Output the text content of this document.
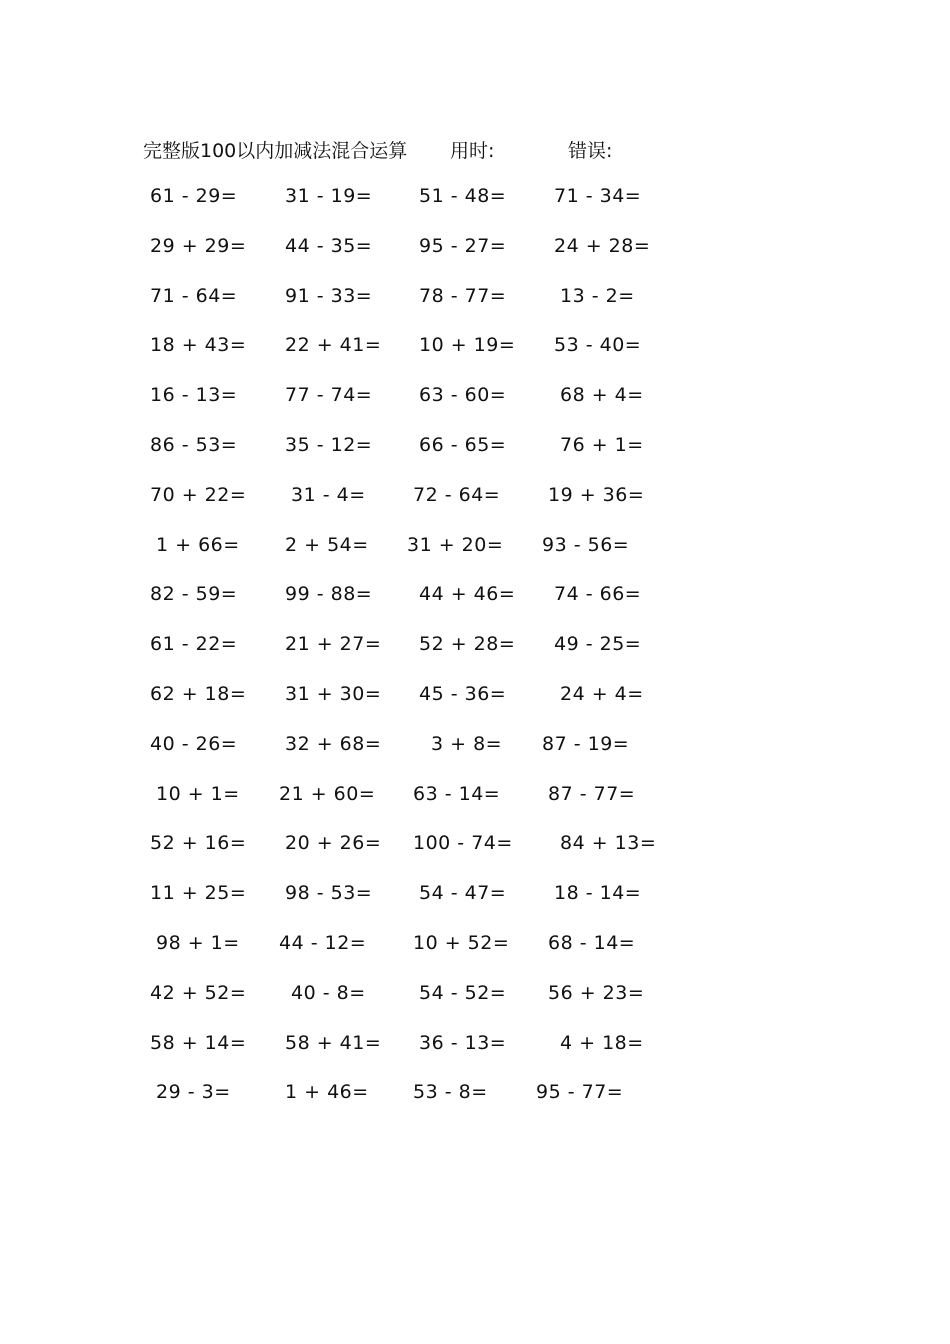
完整版100以内加减法混合运算 用时:	错误:
61 - 29=	31 - 19= 51 - 48=	71 - 34=
29 + 29= 44 - 35= 95 - 27=	24 + 28=
71 - 64=	91 - 33= 78 - 77=	13 - 2=
18 + 43= 22 + 41= 10 + 19= 53 - 40=
16 - 13=	77 - 74= 63 - 60=	68 + 4=
86 - 53=	35 - 12= 66 - 65=	76 + 1=
70 + 22= 31 - 4= 72 - 64=	19 + 36=
1 + 66= 2 + 54= 31 + 20= 93 - 56=
82 - 59=	99 - 88= 44 + 46= 74 - 66=
61 - 22=	21 + 27= 52 + 28= 49 - 25=
62 + 18= 31 + 30= 45 - 36=	24 + 4=
40 - 26=	32 + 68=	3 + 8= 87 - 19=
10 + 1= 21 + 60= 63 - 14=	87 - 77=
52 + 16= 20 + 26= 100 - 74= 84 + 13=
11 + 25= 98 - 53= 54 - 47=	18 - 14=
98 + 1= 44 - 12= 10 + 52= 68 - 14=
42 + 52= 40 - 8=	54 - 52= 56 + 23=
58 + 14= 58 + 41= 36 - 13=	4 + 18=
29 - 3=	1 + 46= 53 - 8=	95 - 77=
